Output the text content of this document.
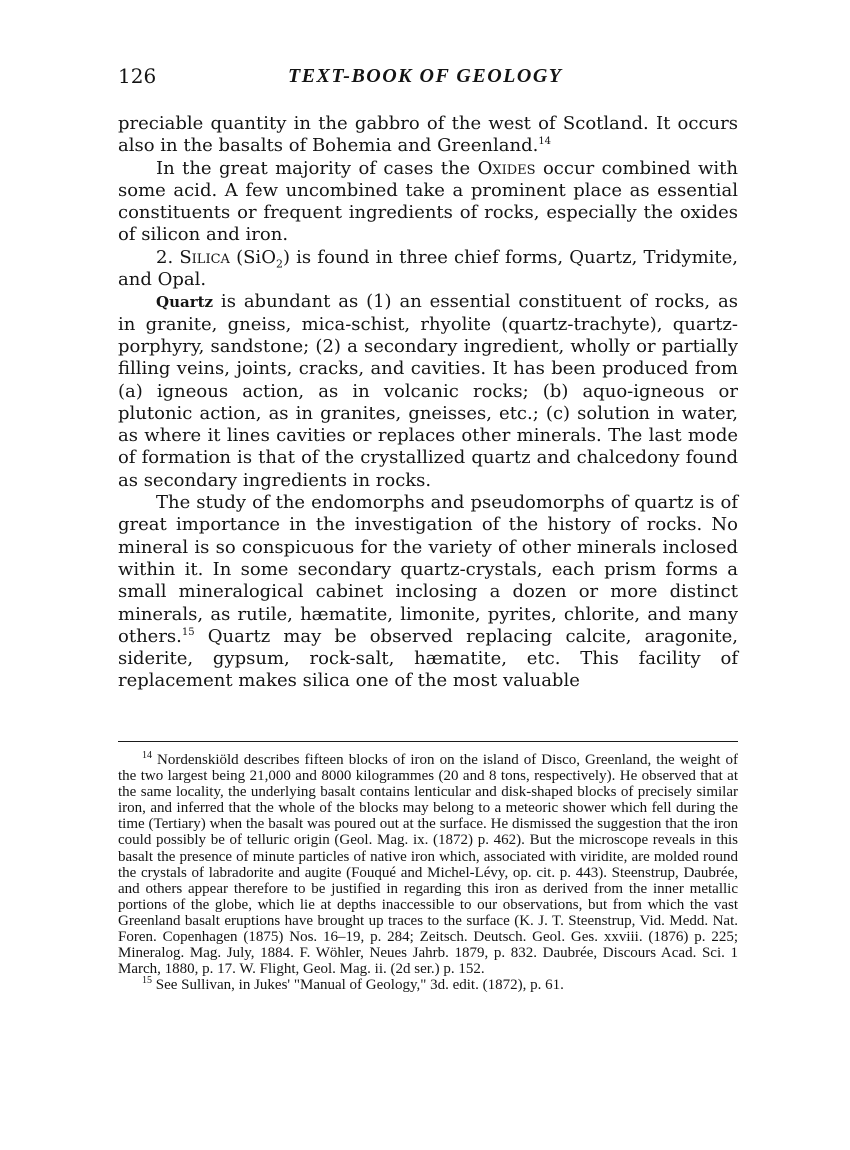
126	TEXT-BOOK OF GEOLOGY

preciable quantity in the gabbro of the west of Scotland. It occurs also in the basalts of Bohemia and Greenland.$^{14}$

In the great majority of cases the Oxides occur combined with some acid. A few uncombined take a prominent place as essential constituents or frequent ingredients of rocks, especially the oxides of silicon and iron.

2. Silica (SiO$_2$) is found in three chief forms, Quartz, Tridymite, and Opal.

Quartz is abundant as (1) an essential constituent of rocks, as in granite, gneiss, mica-schist, rhyolite (quartz-trachyte), quartz-porphyry, sandstone; (2) a secondary ingredient, wholly or partially filling veins, joints, cracks, and cavities. It has been produced from (a) igneous action, as in volcanic rocks; (b) aquo-igneous or plutonic action, as in granites, gneisses, etc.; (c) solution in water, as where it lines cavities or replaces other minerals. The last mode of formation is that of the crystallized quartz and chalcedony found as secondary ingredients in rocks.

The study of the endomorphs and pseudomorphs of quartz is of great importance in the investigation of the history of rocks. No mineral is so conspicuous for the variety of other minerals inclosed within it. In some secondary quartz-crystals, each prism forms a small mineralogical cabinet inclosing a dozen or more distinct minerals, as rutile, hæmatite, limonite, pyrites, chlorite, and many others.$^{15}$ Quartz may be observed replacing calcite, aragonite, siderite, gypsum, rock-salt, hæmatite, etc. This facility of replacement makes silica one of the most valuable

$^{14}$ Nordenskiöld describes fifteen blocks of iron on the island of Disco, Greenland, the weight of the two largest being 21,000 and 8000 kilogrammes (20 and 8 tons, respectively). He observed that at the same locality, the underlying basalt contains lenticular and disk-shaped blocks of precisely similar iron, and inferred that the whole of the blocks may belong to a meteoric shower which fell during the time (Tertiary) when the basalt was poured out at the surface. He dismissed the suggestion that the iron could possibly be of telluric origin (Geol. Mag. ix. (1872) p. 462). But the microscope reveals in this basalt the presence of minute particles of native iron which, associated with viridite, are molded round the crystals of labradorite and augite (Fouqué and Michel-Lévy, op. cit. p. 443). Steenstrup, Daubrée, and others appear therefore to be justified in regarding this iron as derived from the inner metallic portions of the globe, which lie at depths inaccessible to our observations, but from which the vast Greenland basalt eruptions have brought up traces to the surface (K. J. T. Steenstrup, Vid. Medd. Nat. Foren. Copenhagen (1875) Nos. 16–19, p. 284; Zeitsch. Deutsch. Geol. Ges. xxviii. (1876) p. 225; Mineralog. Mag. July, 1884. F. Wöhler, Neues Jahrb. 1879, p. 832. Daubrée, Discours Acad. Sci. 1 March, 1880, p. 17. W. Flight, Geol. Mag. ii. (2d ser.) p. 152.

$^{15}$ See Sullivan, in Jukes' "Manual of Geology," 3d. edit. (1872), p. 61.
